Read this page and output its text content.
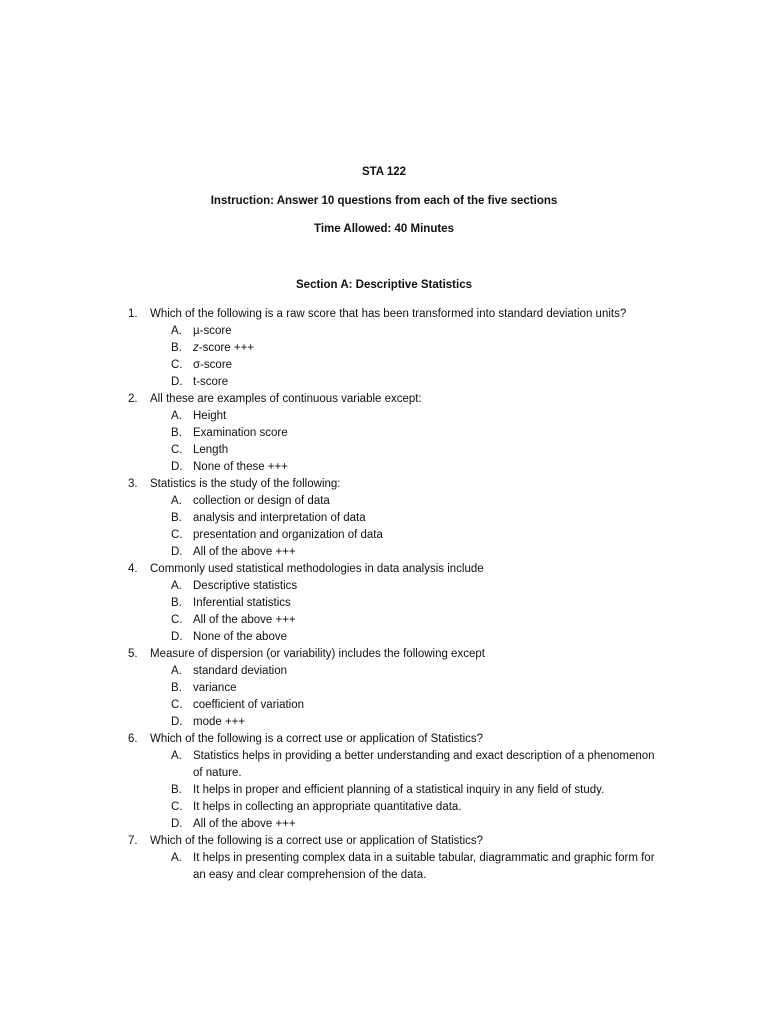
STA 122
Instruction: Answer 10 questions from each of the five sections
Time Allowed: 40 Minutes
Section A: Descriptive Statistics
1.	Which of the following is a raw score that has been transformed into standard deviation units?
A. µ-score
B. z-score +++
C. σ-score
D. t-score
2.	All these are examples of continuous variable except:
A. Height
B. Examination score
C. Length
D. None of these +++
3.	Statistics is the study of the following:
A. collection or design of data
B. analysis and interpretation of data
C. presentation and organization of data
D. All of the above +++
4.	Commonly used statistical methodologies in data analysis include
A. Descriptive statistics
B. Inferential statistics
C. All of the above +++
D. None of the above
5.	Measure of dispersion (or variability) includes the following except
A. standard deviation
B. variance
C. coefficient of variation
D. mode +++
6.	Which of the following is a correct use or application of Statistics?
A. Statistics helps in providing a better understanding and exact description of a phenomenon of nature.
B. It helps in proper and efficient planning of a statistical inquiry in any field of study.
C. It helps in collecting an appropriate quantitative data.
D. All of the above +++
7.	Which of the following is a correct use or application of Statistics?
A. It helps in presenting complex data in a suitable tabular, diagrammatic and graphic form for an easy and clear comprehension of the data.
